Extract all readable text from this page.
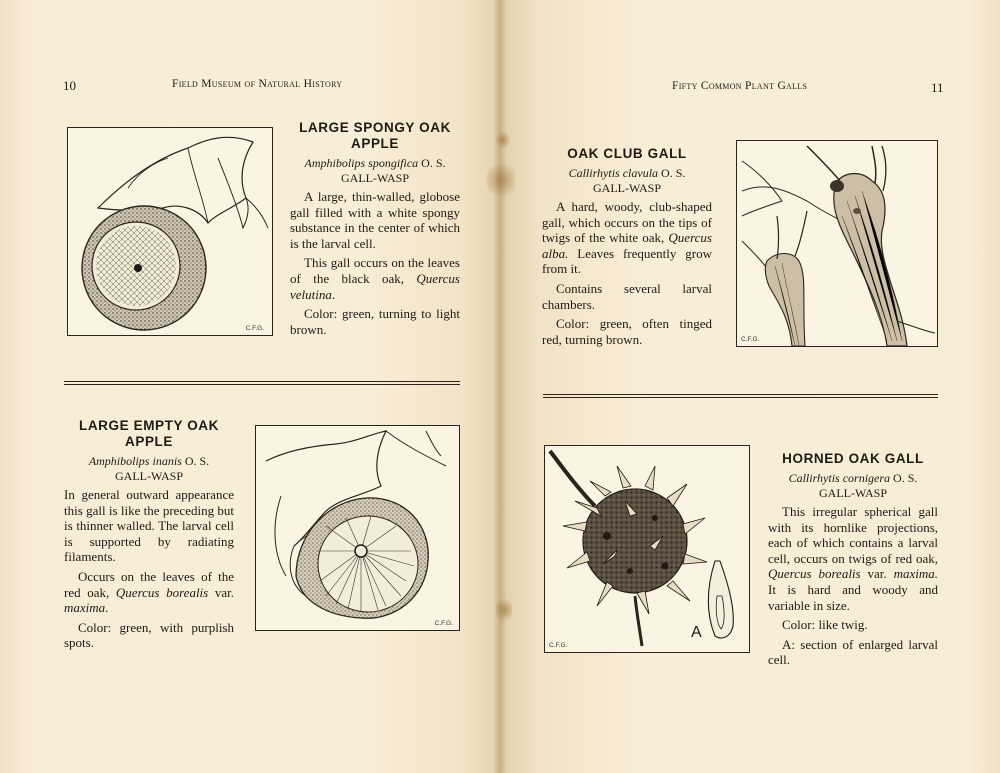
10	Field Museum of Natural History
C.F.G.
LARGE SPONGY OAK
APPLE
Amphibolips spongifica O. S.
GALL-WASP

A large, thin-walled, globose gall filled with a white spongy substance in the center of which is the larval cell.

This gall occurs on the leaves of the black oak, Quercus velutina.

Color: green, turning to light brown.

LARGE EMPTY OAK
APPLE
Amphibolips inanis O. S.
GALL-WASP

In general outward appearance this gall is like the preceding but is thinner walled. The larval cell is supported by radiating filaments.

Occurs on the leaves of the red oak, Quercus borealis var. maxima.

Color: green, with purplish spots.

C.F.G.
Fifty Common Plant Galls	11
OAK CLUB GALL
Callirhytis clavula O. S.
GALL-WASP

A hard, woody, club-shaped gall, which occurs on the tips of twigs of the white oak, Quercus alba. Leaves frequently grow from it.

Contains several larval chambers.

Color: green, often tinged red, turning brown.	C.F.G.
A
C.F.G.
HORNED OAK GALL
Callirhytis cornigera O. S.
GALL-WASP

This irregular spherical gall with its hornlike projections, each of which contains a larval cell, occurs on twigs of red oak, Quercus borealis var. maxima. It is hard and woody and variable in size.

Color: like twig.

A: section of enlarged larval cell.
